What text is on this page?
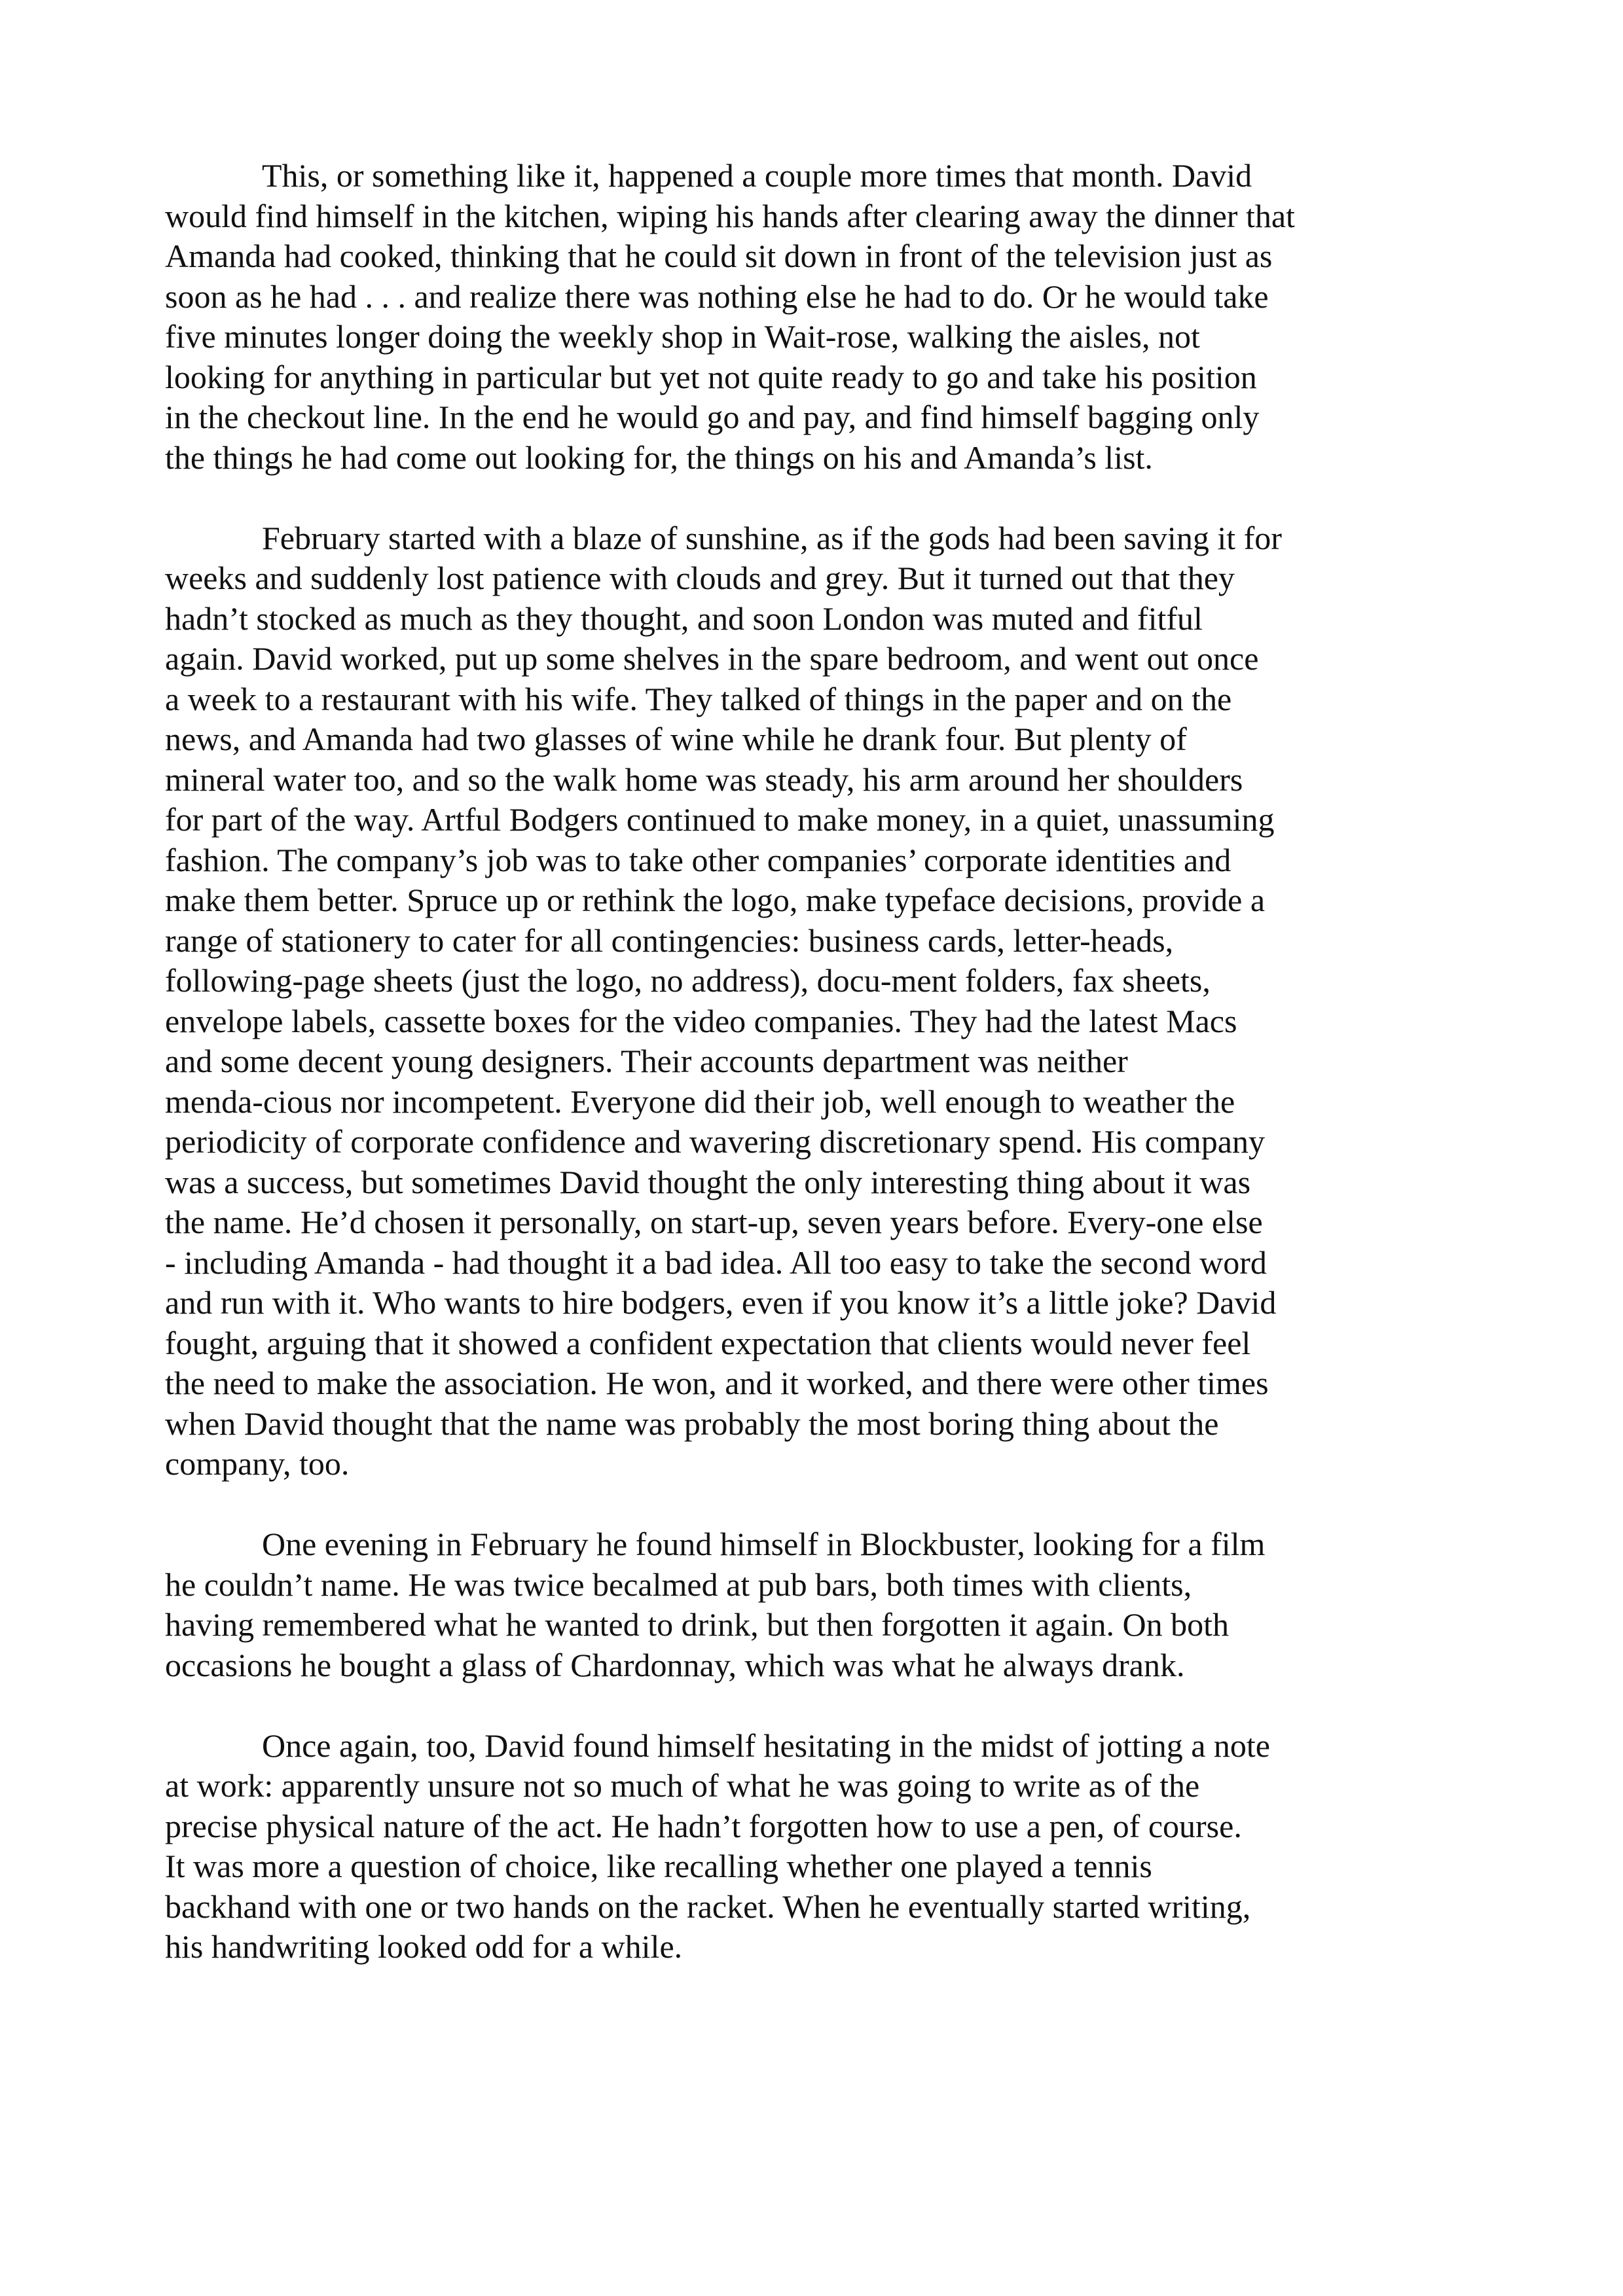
This, or something like it, happened a couple more times that month. David
would find himself in the kitchen, wiping his hands after clearing away the dinner that
Amanda had cooked, thinking that he could sit down in front of the television just as
soon as he had . . . and realize there was nothing else he had to do. Or he would take
five minutes longer doing the weekly shop in Wait-rose, walking the aisles, not
looking for anything in particular but yet not quite ready to go and take his position
in the checkout line. In the end he would go and pay, and find himself bagging only
the things he had come out looking for, the things on his and Amanda’s list.
February started with a blaze of sunshine, as if the gods had been saving it for
weeks and suddenly lost patience with clouds and grey. But it turned out that they
hadn’t stocked as much as they thought, and soon London was muted and fitful
again. David worked, put up some shelves in the spare bedroom, and went out once
a week to a restaurant with his wife. They talked of things in the paper and on the
news, and Amanda had two glasses of wine while he drank four. But plenty of
mineral water too, and so the walk home was steady, his arm around her shoulders
for part of the way. Artful Bodgers continued to make money, in a quiet, unassuming
fashion. The company’s job was to take other companies’ corporate identities and
make them better. Spruce up or rethink the logo, make typeface decisions, provide a
range of stationery to cater for all contingencies: business cards, letter-heads,
following-page sheets (just the logo, no address), docu-ment folders, fax sheets,
envelope labels, cassette boxes for the video companies. They had the latest Macs
and some decent young designers. Their accounts department was neither
menda-cious nor incompetent. Everyone did their job, well enough to weather the
periodicity of corporate confidence and wavering discretionary spend. His company
was a success, but sometimes David thought the only interesting thing about it was
the name. He’d chosen it personally, on start-up, seven years before. Every-one else
- including Amanda - had thought it a bad idea. All too easy to take the second word
and run with it. Who wants to hire bodgers, even if you know it’s a little joke? David
fought, arguing that it showed a confident expectation that clients would never feel
the need to make the association. He won, and it worked, and there were other times
when David thought that the name was probably the most boring thing about the
company, too.
One evening in February he found himself in Blockbuster, looking for a film
he couldn’t name. He was twice becalmed at pub bars, both times with clients,
having remembered what he wanted to drink, but then forgotten it again. On both
occasions he bought a glass of Chardonnay, which was what he always drank.
Once again, too, David found himself hesitating in the midst of jotting a note
at work: apparently unsure not so much of what he was going to write as of the
precise physical nature of the act. He hadn’t forgotten how to use a pen, of course.
It was more a question of choice, like recalling whether one played a tennis
backhand with one or two hands on the racket. When he eventually started writing,
his handwriting looked odd for a while.
